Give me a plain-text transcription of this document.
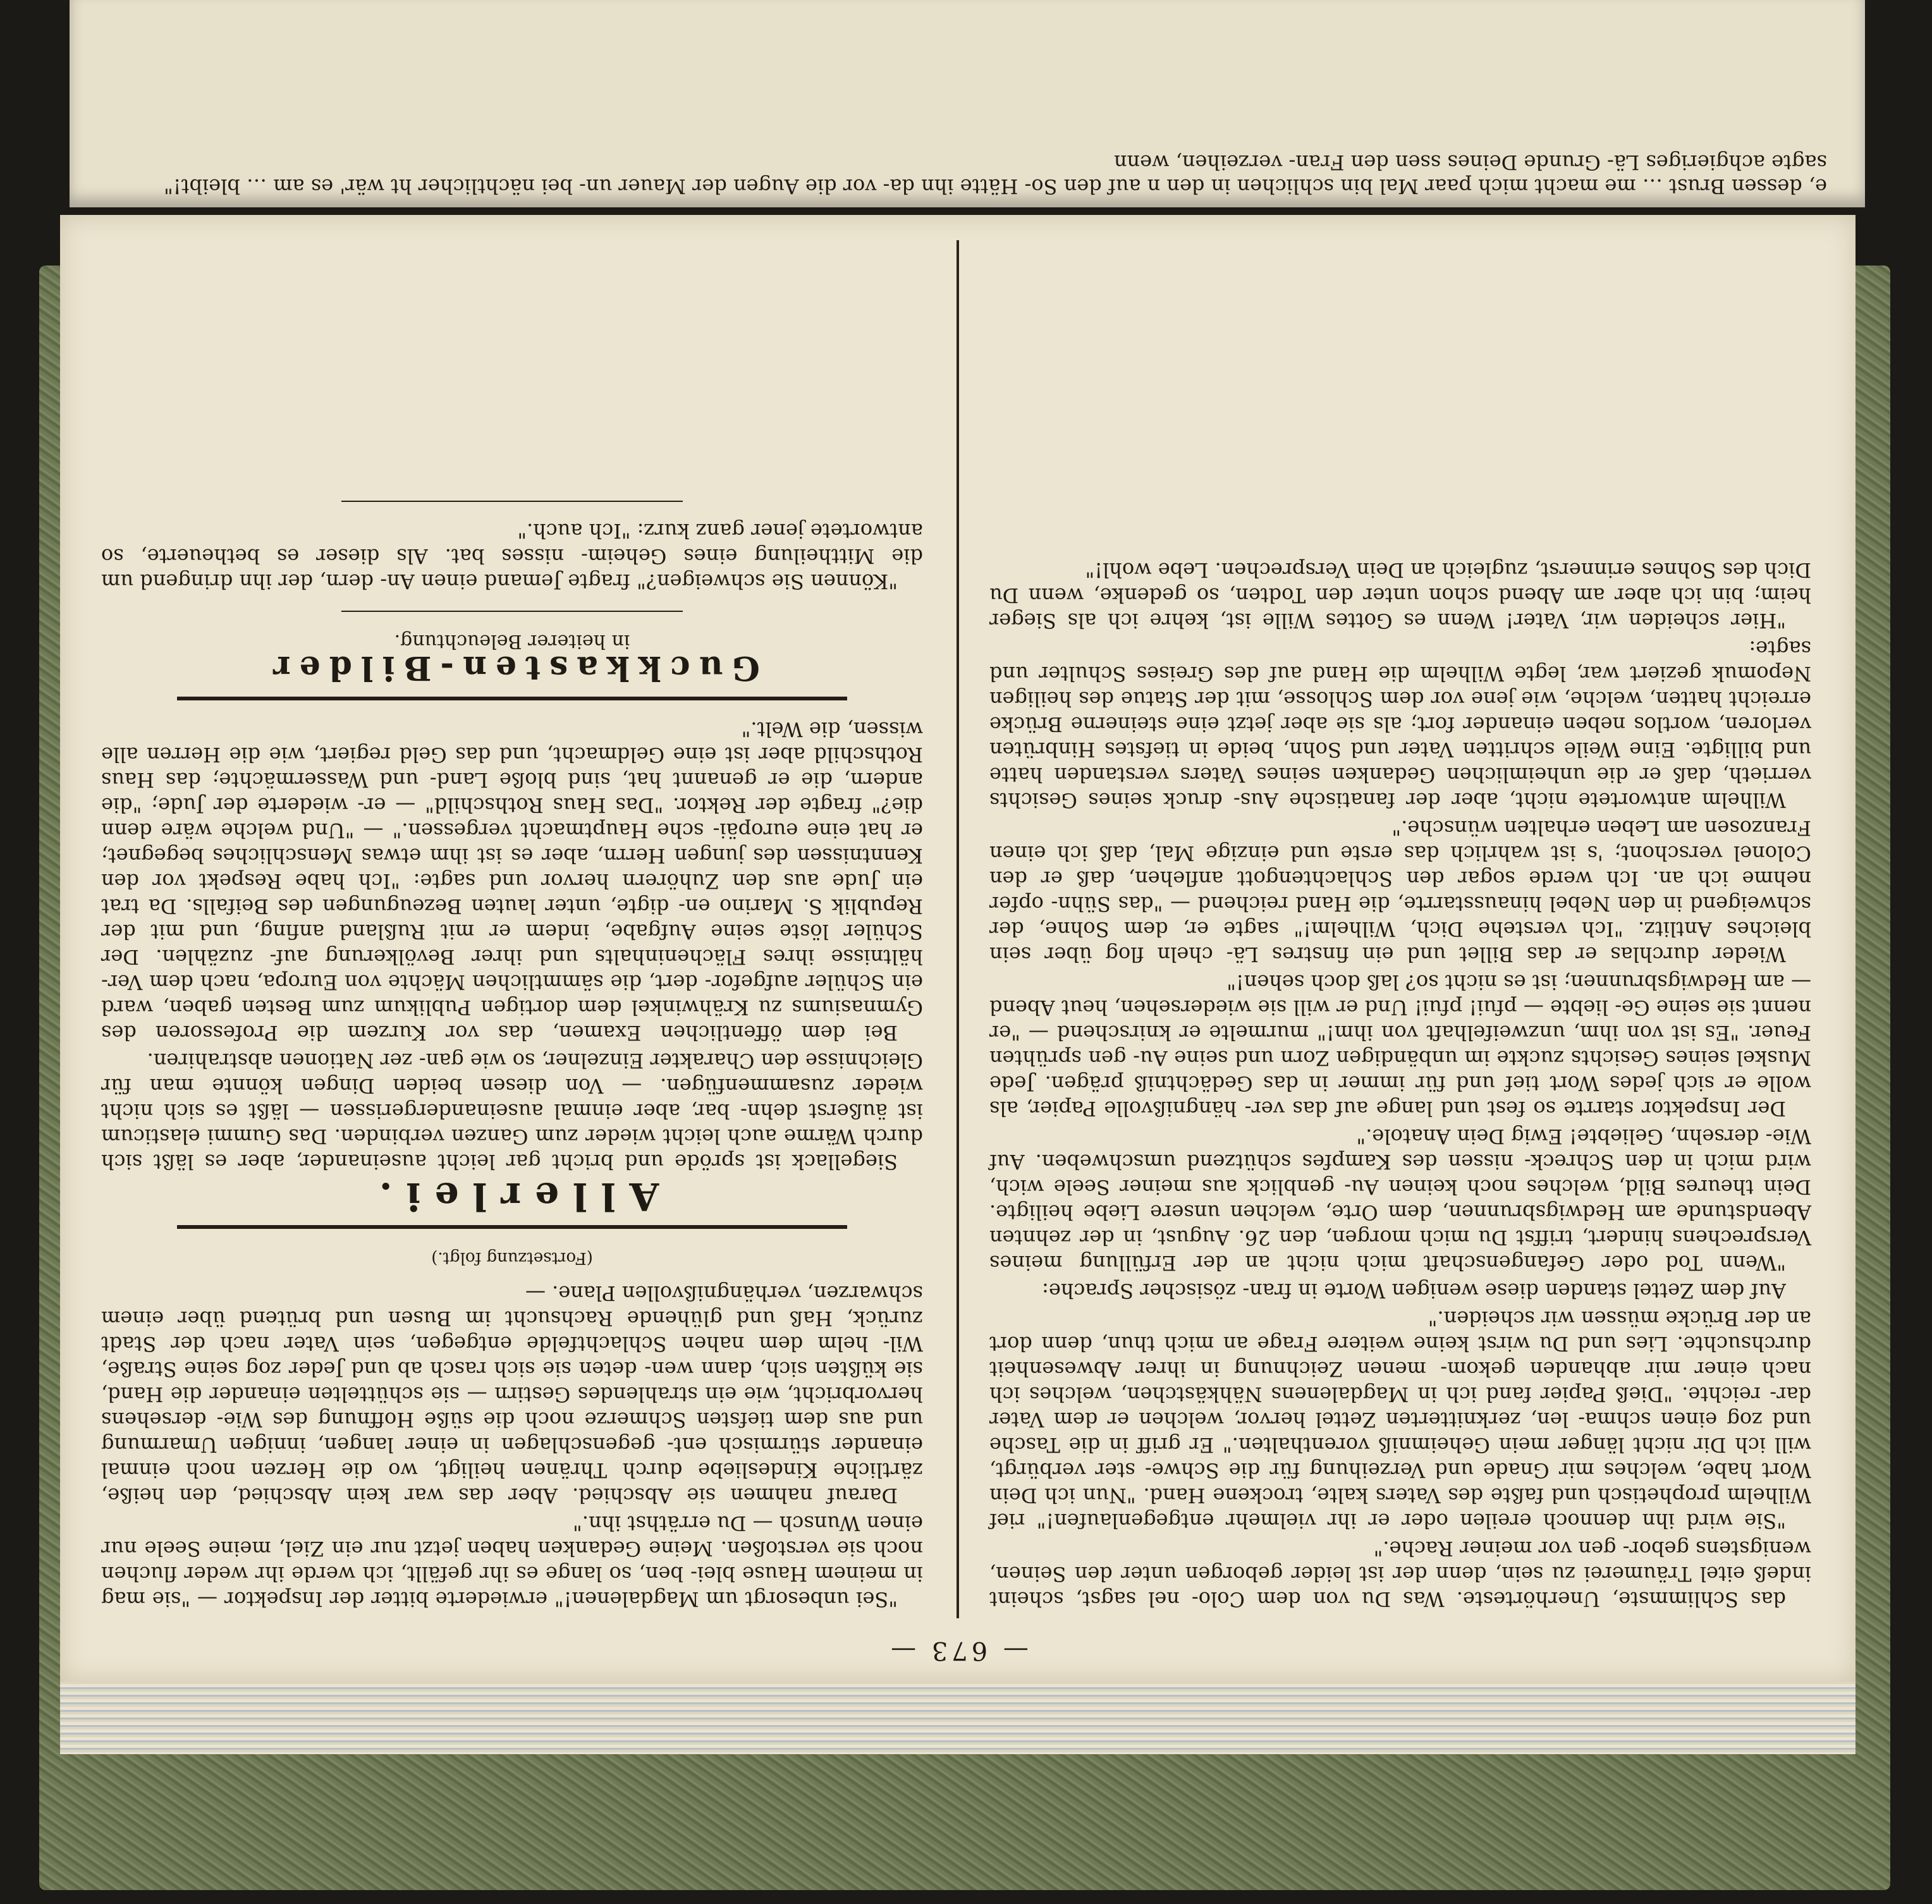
e, dessen Brust … me macht mich paar Mal bin schlichen in den n auf den So- Hätte ihn da- vor die Augen der Mauer un- bei nächtlicher ht wär' es am … bleibt!" sagte achgieriges Lä- Grunde Deines ssen den Fran- verzeihen, wenn
— 673 —

das Schlimmste, Unerhörteste. Was Du von dem Colo- nel sagst, scheint indeß eitel Träumerei zu sein, denn der ist leider geborgen unter den Seinen, wenigstens gebor- gen vor meiner Rache."

"Sie wird ihn dennoch ereilen oder er ihr vielmehr entgegenlaufen!" rief Wilhelm prophetisch und faßte des Vaters kalte, trockene Hand. "Nun ich Dein Wort habe, welches mir Gnade und Verzeihung für die Schwe- ster verbürgt, will ich Dir nicht länger mein Geheimniß vorenthalten." Er griff in die Tasche und zog einen schma- len, zerknitterten Zettel hervor, welchen er dem Vater dar- reichte. "Dieß Papier fand ich in Magdalenens Nähkästchen, welches ich nach einer mir abhanden gekom- menen Zeichnung in ihrer Abwesenheit durchsuchte. Lies und Du wirst keine weitere Frage an mich thun, denn dort an der Brücke müssen wir scheiden."

Auf dem Zettel standen diese wenigen Worte in fran- zösischer Sprache:

"Wenn Tod oder Gefangenschaft mich nicht an der Erfüllung meines Versprechens hindert, triffst Du mich morgen, den 26. August, in der zehnten Abendstunde am Hedwigsbrunnen, dem Orte, welchen unsere Liebe heiligte. Dein theures Bild, welches noch keinen Au- genblick aus meiner Seele wich, wird mich in den Schreck- nissen des Kampfes schützend umschweben. Auf Wie- dersehn, Geliebte! Ewig Dein Anatole."

Der Inspektor starrte so fest und lange auf das ver- hängnißvolle Papier, als wolle er sich jedes Wort tief und für immer in das Gedächtniß prägen. Jede Muskel seines Gesichts zuckte im unbändigen Zorn und seine Au- gen sprühten Feuer. "Es ist von ihm, unzweifelhaft von ihm!" murmelte er knirschend — "er nennt sie seine Ge- liebte — pfui! pfui! Und er will sie wiedersehen, heut Abend — am Hedwigsbrunnen; ist es nicht so? laß doch sehen!"

Wieder durchlas er das Billet und ein finstres Lä- cheln flog über sein bleiches Antlitz. "Ich verstehe Dich, Wilhelm!" sagte er, dem Sohne, der schweigend in den Nebel hinausstarrte, die Hand reichend — "das Sühn- opfer nehme ich an. Ich werde sogar den Schlachtengott anflehen, daß er den Colonel verschont; 's ist wahrlich das erste und einzige Mal, daß ich einen Franzosen am Leben erhalten wünsche."

Wilhelm antwortete nicht, aber der fanatische Aus- druck seines Gesichts verrieth, daß er die unheimlichen Gedanken seines Vaters verstanden hatte und billigte. Eine Weile schritten Vater und Sohn, beide in tiefstes Hinbrüten verloren, wortlos neben einander fort; als sie aber jetzt eine steinerne Brücke erreicht hatten, welche, wie jene vor dem Schlosse, mit der Statue des heiligen Nepomuk geziert war, legte Wilhelm die Hand auf des Greises Schulter und sagte:

"Hier scheiden wir, Vater! Wenn es Gottes Wille ist, kehre ich als Sieger heim; bin ich aber am Abend schon unter den Todten, so gedenke, wenn Du Dich des Sohnes erinnerst, zugleich an Dein Versprechen. Lebe wohl!"

"Sei unbesorgt um Magdalenen!" erwiederte bitter der Inspektor — "sie mag in meinem Hause blei- ben, so lange es ihr gefällt, ich werde ihr weder fluchen noch sie verstoßen. Meine Gedanken haben jetzt nur ein Ziel, meine Seele nur einen Wunsch — Du erräthst ihn."

Darauf nahmen sie Abschied. Aber das war kein Abschied, den heiße, zärtliche Kindesliebe durch Thränen heiligt, wo die Herzen noch einmal einander stürmisch ent- gegenschlagen in einer langen, innigen Umarmung und aus dem tiefsten Schmerze noch die süße Hoffnung des Wie- dersehens hervorbricht, wie ein strahlendes Gestirn — sie schüttelten einander die Hand, sie küßten sich, dann wen- deten sie sich rasch ab und Jeder zog seine Straße, Wil- helm dem nahen Schlachtfelde entgegen, sein Vater nach der Stadt zurück, Haß und glühende Rachsucht im Busen und brütend über einem schwarzen, verhängnißvollen Plane. —

(Fortsetzung folgt.)
Allerlei.

Siegellack ist spröde und bricht gar leicht auseinander, aber es läßt sich durch Wärme auch leicht wieder zum Ganzen verbinden. Das Gummi elasticum ist äußerst dehn- bar, aber einmal auseinandergerissen — läßt es sich nicht wieder zusammenfügen. — Von diesen beiden Dingen könnte man für Gleichnisse den Charakter Einzelner, so wie gan- zer Nationen abstrahiren.

Bei dem öffentlichen Examen, das vor Kurzem die Professoren des Gymnasiums zu Krähwinkel dem dortigen Publikum zum Besten gaben, ward ein Schüler aufgefor- dert, die sämmtlichen Mächte von Europa, nach dem Ver- hältnisse ihres Flächeninhalts und ihrer Bevölkerung auf- zuzählen. Der Schüler löste seine Aufgabe, indem er mit Rußland anfing, und mit der Republik S. Marino en- digte, unter lauten Bezeugungen des Beifalls. Da trat ein Jude aus den Zuhörern hervor und sagte: "Ich habe Respekt vor den Kenntnissen des jungen Herrn, aber es ist ihm etwas Menschliches begegnet; er hat eine europäi- sche Hauptmacht vergessen." — "Und welche wäre denn die?" fragte der Rektor. "Das Haus Rothschild" — er- wiederte der Jude; "die andern, die er genannt hat, sind bloße Land- und Wassermächte; das Haus Rothschild aber ist eine Geldmacht, und das Geld regiert, wie die Herren alle wissen, die Welt."

Guckkasten-Bilder
in heiterer Beleuchtung.

"Können Sie schweigen?" fragte Jemand einen An- dern, der ihn dringend um die Mittheilung eines Geheim- nisses bat. Als dieser es betheuerte, so antwortete jener ganz kurz: "Ich auch."
